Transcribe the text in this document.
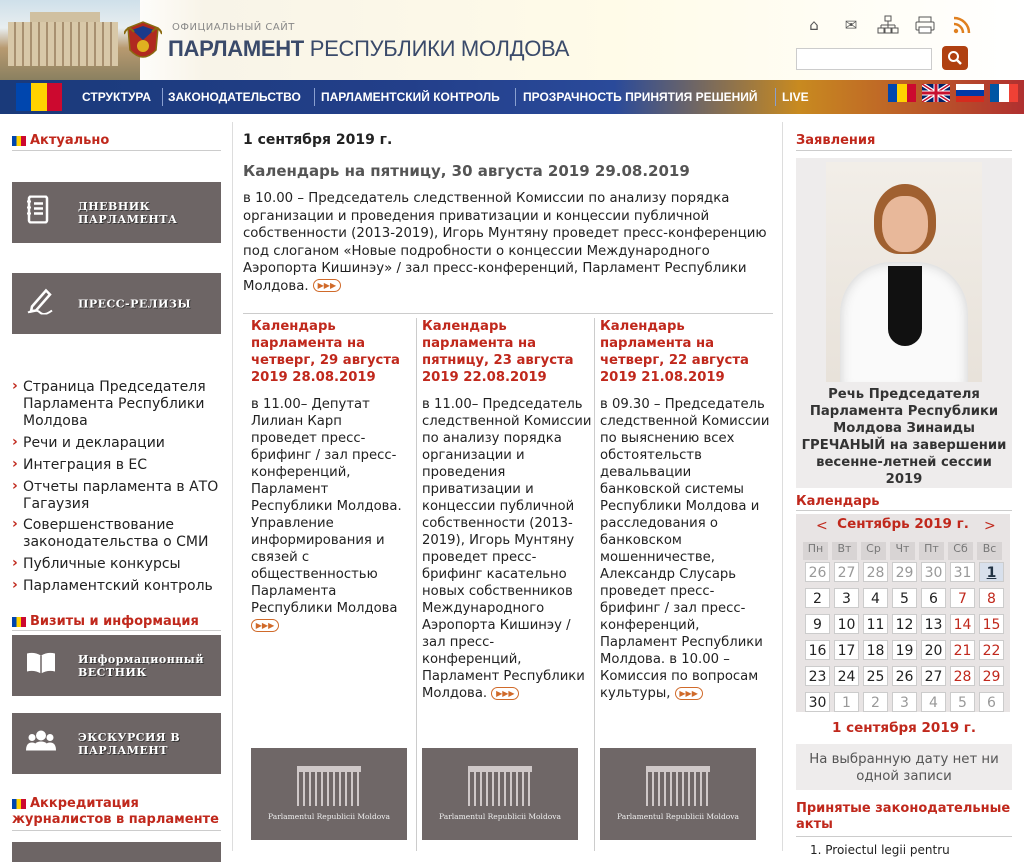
ОФИЦИАЛЬНЫЙ САЙТ
ПАРЛАМЕНТ РЕСПУБЛИКИ МОЛДОВА
⌂	✉
СТРУКТУРА ЗАКОНОДАТЕЛЬСТВО ПАРЛАМЕНТСКИЙ КОНТРОЛЬ ПРОЗРАЧНОСТЬ ПРИНЯТИЯ РЕШЕНИЙ LIVE
Актуально
ДНЕВНИК
ПАРЛАМЕНТА
ПРЕСС-РЕЛИЗЫ
› Страница Председателя Парламента Республики Молдова
› Речи и декларации
› Интеграция в ЕС
› Отчеты парламента в АТО Гагаузия
› Совершенствование законодательства о СМИ
› Публичные конкурсы
› Парламентский контроль
Визиты и информация
Информационный
ВЕСТНИК
ЭКСКУРСИЯ В
ПАРЛАМЕНТ
Аккредитация журналистов в парламенте
1 сентября 2019 г.
Календарь на пятницу, 30 августа 2019 29.08.2019
в 10.00 – Председатель следственной Комиссии по анализу порядка организации и проведения приватизации и концессии публичной собственности (2013-2019), Игорь Мунтяну проведет пресс-конференцию под слоганом «Новые подробности о концессии Международного Аэропорта Кишинэу» / зал пресс-конференций, Парламент Республики Молдова. ▶▶▶
Календарь парламента на четверг, 29 августа 2019 28.08.2019
в 11.00– Депутат Лилиан Карп проведет пресс-брифинг / зал пресс-конференций, Парламент Республики Молдова. Управление информирования и связей с общественностью Парламента Республики Молдова ▶▶▶
Календарь парламента на пятницу, 23 августа 2019 22.08.2019
в 11.00– Председатель следственной Комиссии по анализу порядка организации и проведения приватизации и концессии публичной собственности (2013-2019), Игорь Мунтяну проведет пресс-брифинг касательно новых собственников Международного Аэропорта Кишинэу / зал пресс-конференций, Парламент Республики Молдова. ▶▶▶
Календарь парламента на четверг, 22 августа 2019 21.08.2019
в 09.30 – Председатель следственной Комиссии по выяснению всех обстоятельств девальвации банковской системы Республики Молдова и расследования о банковском мошенничестве, Александр Слусарь проведет пресс-брифинг / зал пресс-конференций, Парламент Республики Молдова. в 10.00 – Комиссия по вопросам культуры, ▶▶▶
Parlamentul Republicii Moldova	Parlamentul Republicii Moldova	Parlamentul Republicii Moldova
Заявления
Речь Председателя Парламента Республики Молдова Зинаиды ГРЕЧАНЫЙ на завершении весенне-летней сессии 2019
Календарь
< Сентябрь 2019 г.	>
Пн	Вт	Ср	Чт	Пт	Сб	Вс
26 27 28 29 30 31	1
2	3	4	5	6	7	8
9	10 11 12 13 14 15
16 17 18 19 20 21 22
23 24 25 26 27 28 29
30	1	2	3	4	5	6
1 сентября 2019 г.
На выбранную дату нет ни одной записи
Принятые законодательные акты
1. Proiectul legii pentru
